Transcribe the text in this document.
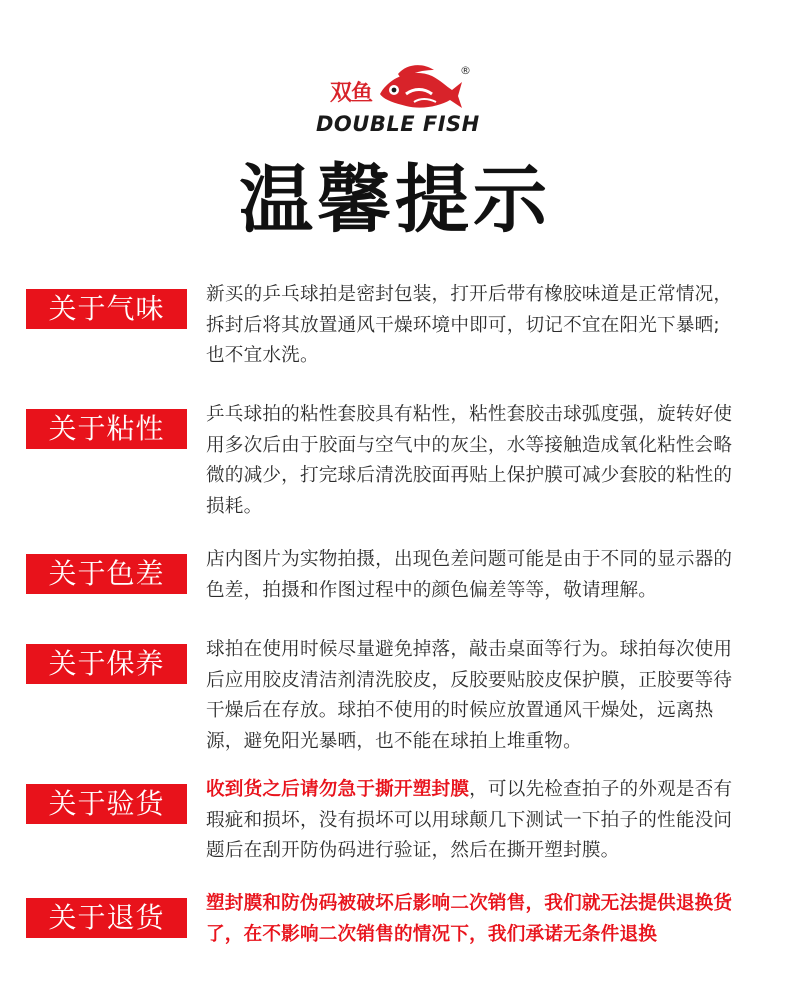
双鱼
®
DOUBLE FISH
温馨提示
关于气味	新买的乒乓球拍是密封包装，打开后带有橡胶味道是正常情况，拆封后将其放置通风干燥环境中即可，切记不宜在阳光下暴晒;也不宜水洗。
关于粘性	乒乓球拍的粘性套胶具有粘性，粘性套胶击球弧度强，旋转好使用多次后由于胶面与空气中的灰尘，水等接触造成氧化粘性会略微的减少，打完球后清洗胶面再贴上保护膜可减少套胶的粘性的损耗。
关于色差	店内图片为实物拍摄，出现色差问题可能是由于不同的显示器的色差，拍摄和作图过程中的颜色偏差等等，敬请理解。
关于保养	球拍在使用时候尽量避免掉落，敲击桌面等行为。球拍每次使用后应用胶皮清洁剂清洗胶皮，反胶要贴胶皮保护膜，正胶要等待干燥后在存放。球拍不使用的时候应放置通风干燥处，远离热源，避免阳光暴晒，也不能在球拍上堆重物。
关于验货	收到货之后请勿急于撕开塑封膜，可以先检查拍子的外观是否有瑕疵和损坏，没有损坏可以用球颠几下测试一下拍子的性能没问题后在刮开防伪码进行验证，然后在撕开塑封膜。
关于退货	塑封膜和防伪码被破坏后影响二次销售，我们就无法提供退换货了，在不影响二次销售的情况下，我们承诺无条件退换
